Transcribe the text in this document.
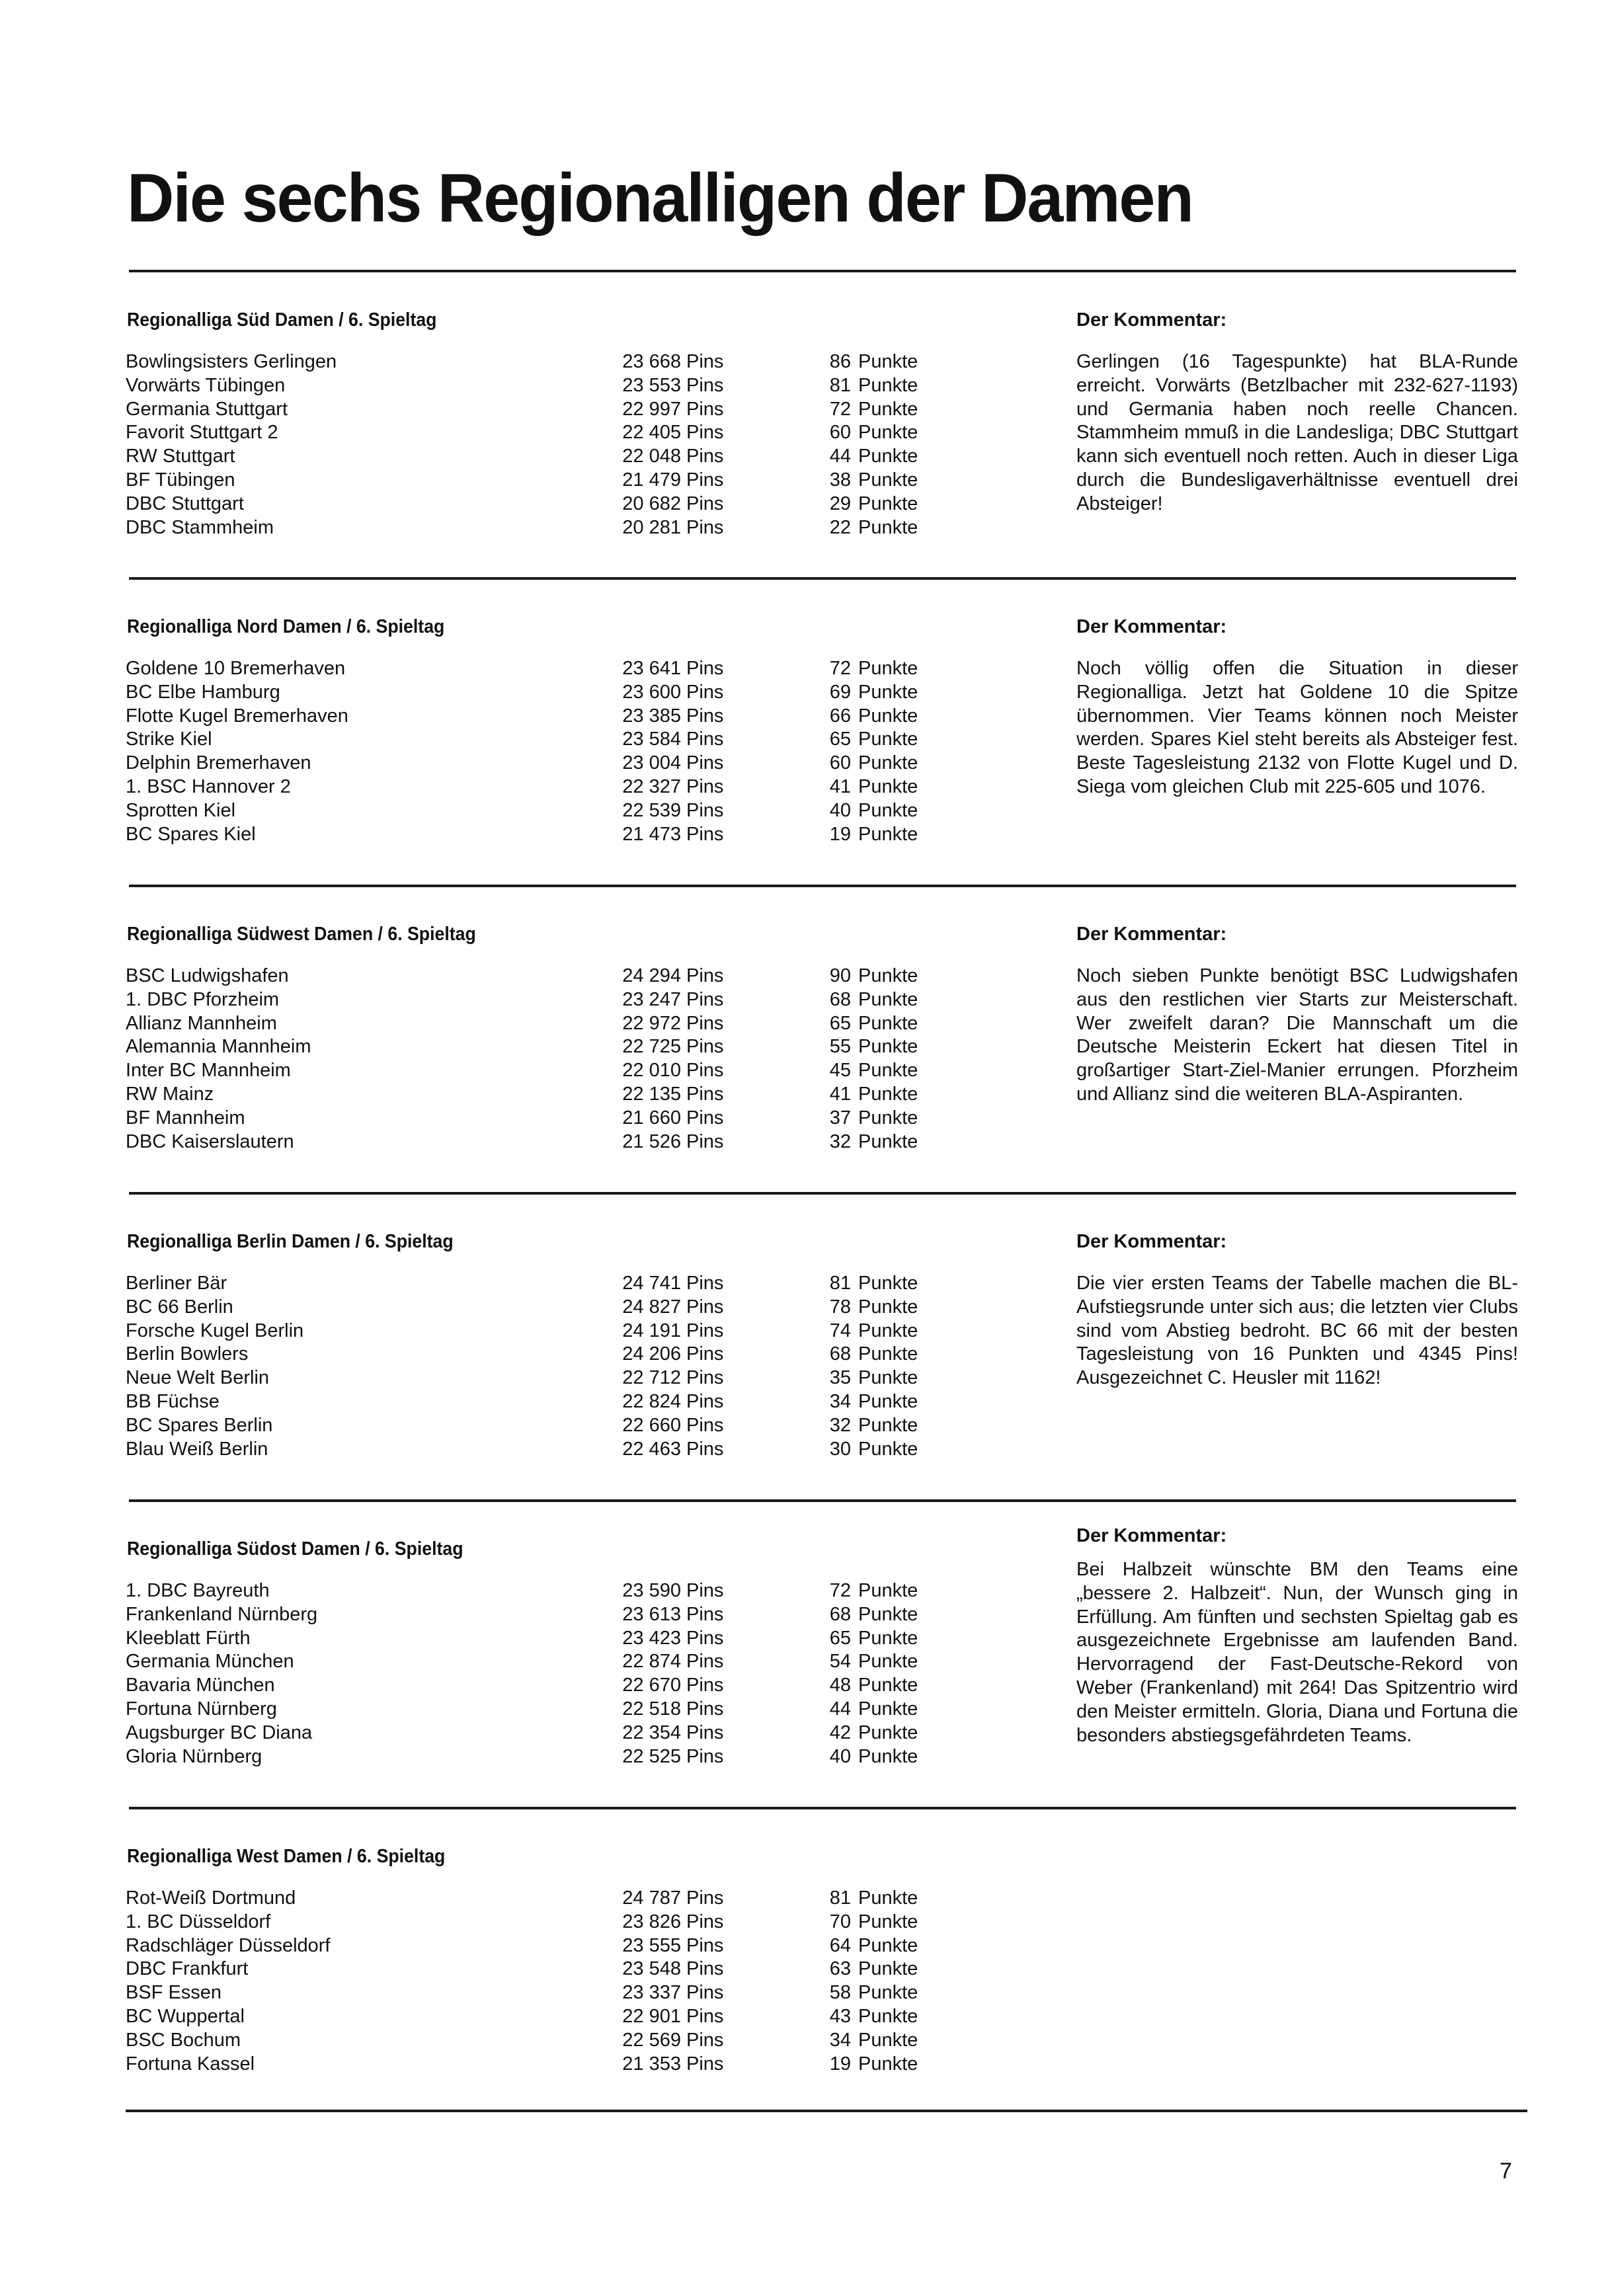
Die sechs Regionalligen der Damen
Regionalliga Süd Damen / 6. Spieltag
Bowlingsisters Gerlingen	23 668 Pins	86 Punkte
Vorwärts Tübingen	23 553 Pins	81 Punkte
Germania Stuttgart	22 997 Pins	72 Punkte
Favorit Stuttgart 2	22 405 Pins	60 Punkte
RW Stuttgart	22 048 Pins	44 Punkte
BF Tübingen	21 479 Pins	38 Punkte
DBC Stuttgart	20 682 Pins	29 Punkte
DBC Stammheim	20 281 Pins	22 Punkte
Der Kommentar:
Gerlingen (16 Tagespunkte) hat BLA-Runde erreicht. Vorwärts (Betzlbacher mit 232-627-1193) und Germania haben noch reelle Chancen. Stammheim mmuß in die Landesliga; DBC Stuttgart kann sich eventuell noch retten. Auch in dieser Liga durch die Bundesligaverhältnisse eventuell drei Absteiger!
Regionalliga Nord Damen / 6. Spieltag
Goldene 10 Bremerhaven	23 641 Pins	72 Punkte
BC Elbe Hamburg	23 600 Pins	69 Punkte
Flotte Kugel Bremerhaven	23 385 Pins	66 Punkte
Strike Kiel	23 584 Pins	65 Punkte
Delphin Bremerhaven	23 004 Pins	60 Punkte
1. BSC Hannover 2	22 327 Pins	41 Punkte
Sprotten Kiel	22 539 Pins	40 Punkte
BC Spares Kiel	21 473 Pins	19 Punkte
Der Kommentar:
Noch völlig offen die Situation in dieser Regionalliga. Jetzt hat Goldene 10 die Spitze übernommen. Vier Teams können noch Meister werden. Spares Kiel steht bereits als Absteiger fest. Beste Tagesleistung 2132 von Flotte Kugel und D. Siega vom gleichen Club mit 225-605 und 1076.
Regionalliga Südwest Damen / 6. Spieltag
BSC Ludwigshafen	24 294 Pins	90 Punkte
1. DBC Pforzheim	23 247 Pins	68 Punkte
Allianz Mannheim	22 972 Pins	65 Punkte
Alemannia Mannheim	22 725 Pins	55 Punkte
Inter BC Mannheim	22 010 Pins	45 Punkte
RW Mainz	22 135 Pins	41 Punkte
BF Mannheim	21 660 Pins	37 Punkte
DBC Kaiserslautern	21 526 Pins	32 Punkte
Der Kommentar:
Noch sieben Punkte benötigt BSC Ludwigshafen aus den restlichen vier Starts zur Meisterschaft. Wer zweifelt daran? Die Mannschaft um die Deutsche Meisterin Eckert hat diesen Titel in großartiger Start-Ziel-Manier errungen. Pforzheim und Allianz sind die weiteren BLA-Aspiranten.
Regionalliga Berlin Damen / 6. Spieltag
Berliner Bär	24 741 Pins	81 Punkte
BC 66 Berlin	24 827 Pins	78 Punkte
Forsche Kugel Berlin	24 191 Pins	74 Punkte
Berlin Bowlers	24 206 Pins	68 Punkte
Neue Welt Berlin	22 712 Pins	35 Punkte
BB Füchse	22 824 Pins	34 Punkte
BC Spares Berlin	22 660 Pins	32 Punkte
Blau Weiß Berlin	22 463 Pins	30 Punkte
Der Kommentar:
Die vier ersten Teams der Tabelle machen die BL-Aufstiegsrunde unter sich aus; die letzten vier Clubs sind vom Abstieg bedroht. BC 66 mit der besten Tagesleistung von 16 Punkten und 4345 Pins! Ausgezeichnet C. Heusler mit 1162!
Regionalliga Südost Damen / 6. Spieltag
1. DBC Bayreuth	23 590 Pins	72 Punkte
Frankenland Nürnberg	23 613 Pins	68 Punkte
Kleeblatt Fürth	23 423 Pins	65 Punkte
Germania München	22 874 Pins	54 Punkte
Bavaria München	22 670 Pins	48 Punkte
Fortuna Nürnberg	22 518 Pins	44 Punkte
Augsburger BC Diana	22 354 Pins	42 Punkte
Gloria Nürnberg	22 525 Pins	40 Punkte
Der Kommentar:
Bei Halbzeit wünschte BM den Teams eine „bessere 2. Halbzeit“. Nun, der Wunsch ging in Erfüllung. Am fünften und sechsten Spieltag gab es ausgezeichnete Ergebnisse am laufenden Band. Hervorragend der Fast-Deutsche-Rekord von Weber (Frankenland) mit 264! Das Spitzentrio wird den Meister ermitteln. Gloria, Diana und Fortuna die besonders abstiegsgefährdeten Teams.
Regionalliga West Damen / 6. Spieltag
Rot-Weiß Dortmund	24 787 Pins	81 Punkte
1. BC Düsseldorf	23 826 Pins	70 Punkte
Radschläger Düsseldorf	23 555 Pins	64 Punkte
DBC Frankfurt	23 548 Pins	63 Punkte
BSF Essen	23 337 Pins	58 Punkte
BC Wuppertal	22 901 Pins	43 Punkte
BSC Bochum	22 569 Pins	34 Punkte
Fortuna Kassel	21 353 Pins	19 Punkte
7
